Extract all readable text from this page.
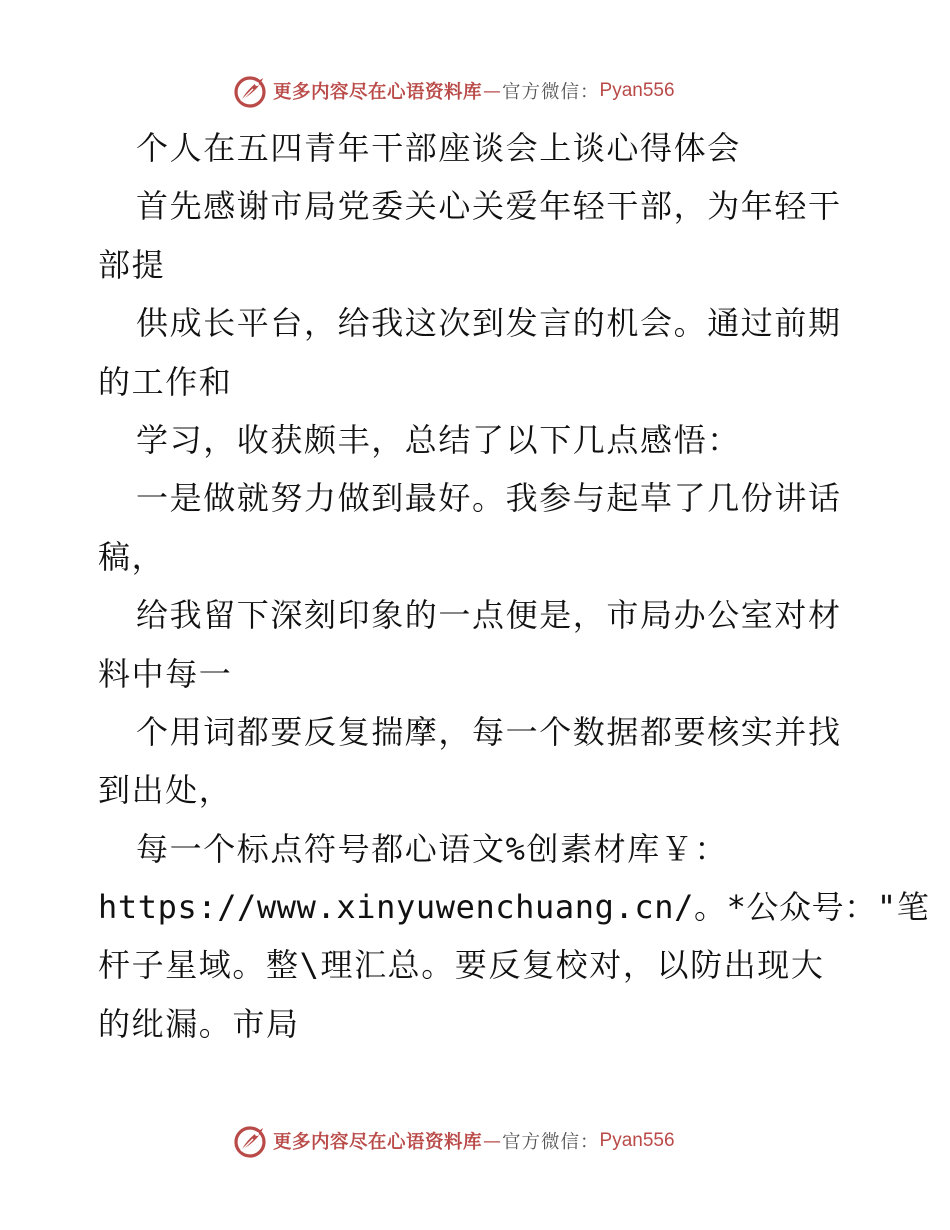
更多内容尽在心语资料库 — 官方微信： Pyan556
个人在五四青年干部座谈会上谈心得体会
首先感谢市局党委关心关爱年轻干部，为年轻干
部提
供成长平台，给我这次到发言的机会。通过前期
的工作和
学习，收获颇丰，总结了以下几点感悟：
一是做就努力做到最好。我参与起草了几份讲话
稿，
给我留下深刻印象的一点便是，市局办公室对材
料中每一
个用词都要反复揣摩，每一个数据都要核实并找
到出处，
每一个标点符号都心语文%创素材库￥：
https://www.xinyuwenchuang.cn/。*公众号："笔
杆子星域。整\理汇总。要反复校对，以防出现大
的纰漏。市局
更多内容尽在心语资料库 — 官方微信： Pyan556
